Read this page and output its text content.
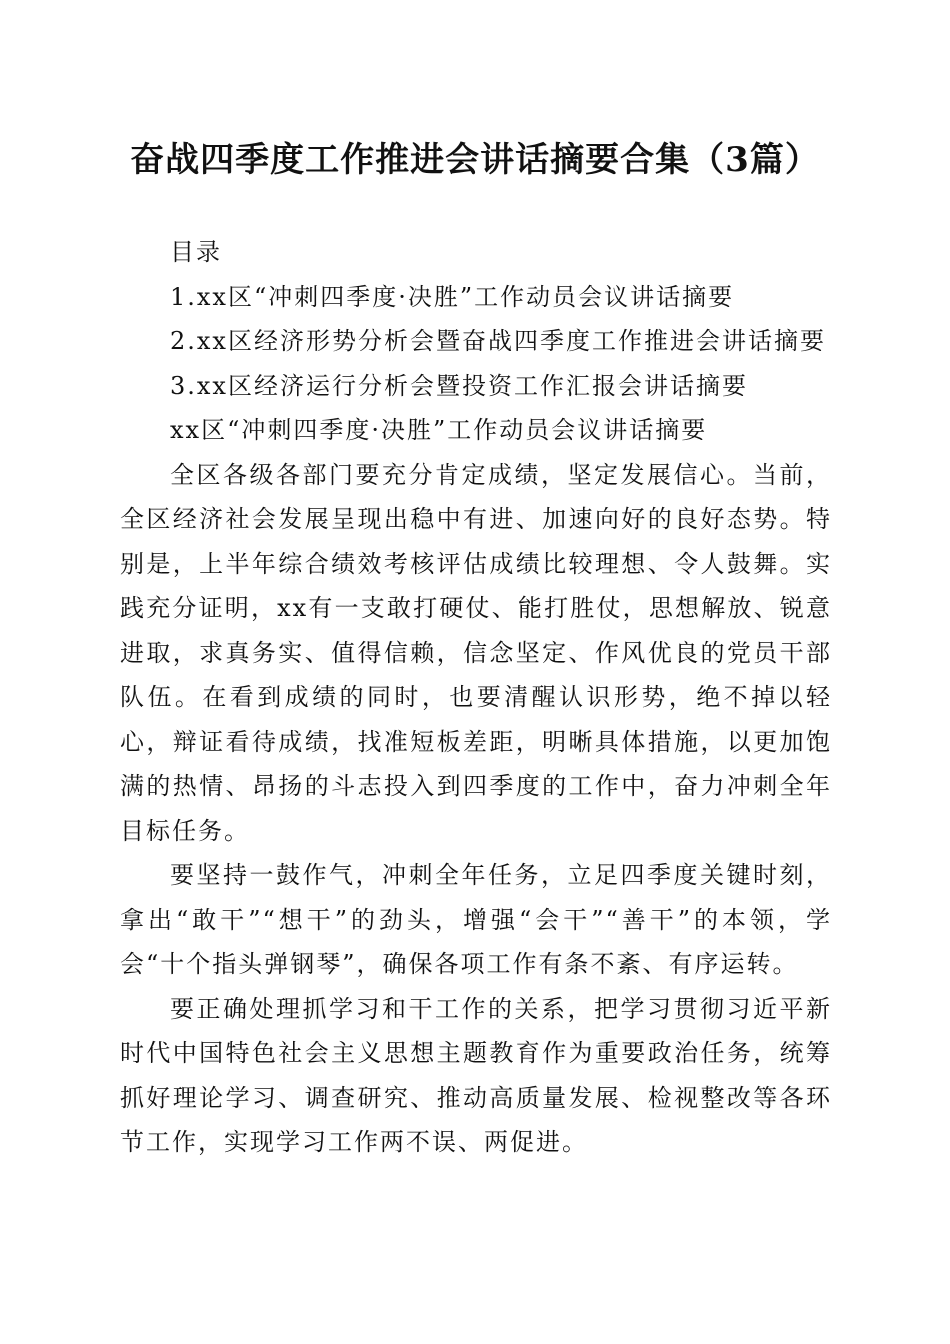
奋战四季度工作推进会讲话摘要合集（3篇）

目录

1.xx区“冲刺四季度·决胜”工作动员会议讲话摘要

2.xx区经济形势分析会暨奋战四季度工作推进会讲话摘要

3.xx区经济运行分析会暨投资工作汇报会讲话摘要

xx区“冲刺四季度·决胜”工作动员会议讲话摘要

全区各级各部门要充分肯定成绩，坚定发展信心。当前，全区经济社会发展呈现出稳中有进、加速向好的良好态势。特别是，上半年综合绩效考核评估成绩比较理想、令人鼓舞。实践充分证明，xx有一支敢打硬仗、能打胜仗，思想解放、锐意进取，求真务实、值得信赖，信念坚定、作风优良的党员干部队伍。在看到成绩的同时，也要清醒认识形势，绝不掉以轻心，辩证看待成绩，找准短板差距，明晰具体措施，以更加饱满的热情、昂扬的斗志投入到四季度的工作中，奋力冲刺全年目标任务。

要坚持一鼓作气，冲刺全年任务，立足四季度关键时刻，拿出“敢干”“想干”的劲头，增强“会干”“善干”的本领，学会“十个指头弹钢琴”，确保各项工作有条不紊、有序运转。

要正确处理抓学习和干工作的关系，把学习贯彻习近平新时代中国特色社会主义思想主题教育作为重要政治任务，统筹抓好理论学习、调查研究、推动高质量发展、检视整改等各环节工作，实现学习工作两不误、两促进。
